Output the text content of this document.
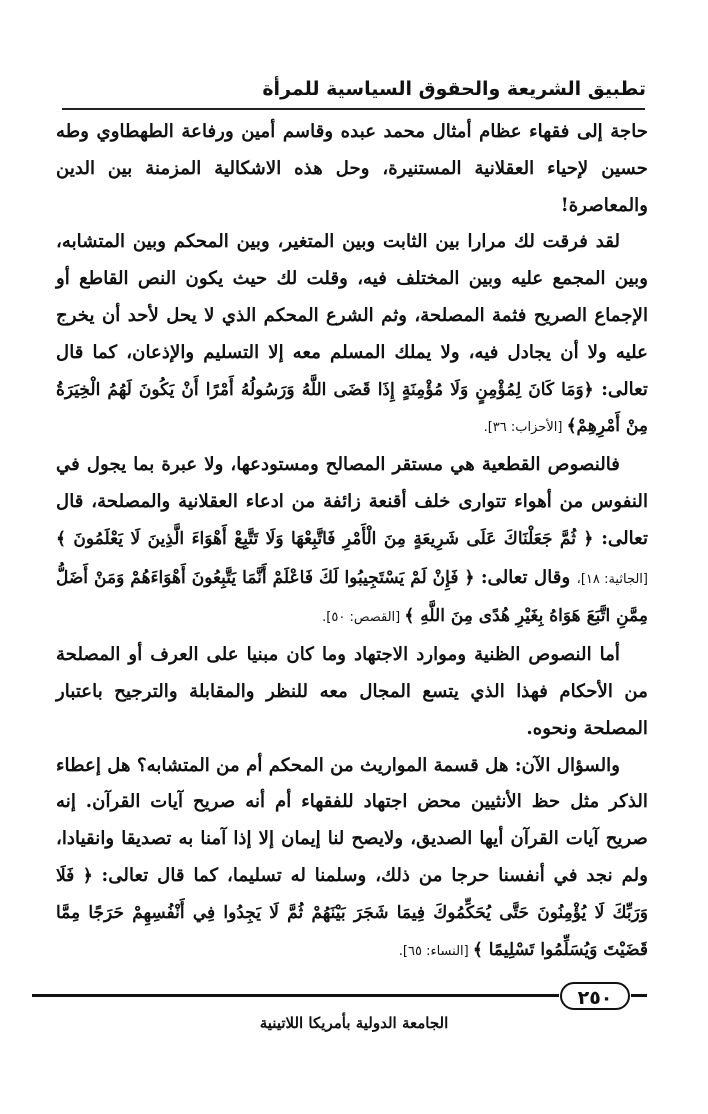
تطبيق الشريعة والحقوق السياسية للمرأة

حاجة إلى فقهاء عظام أمثال محمد عبده وقاسم أمين ورفاعة الطهطاوي وطه حسين لإحياء العقلانية المستنيرة، وحل هذه الاشكالية المزمنة بين الدين والمعاصرة!

لقد فرقت لك مرارا بين الثابت وبين المتغير، وبين المحكم وبين المتشابه، وبين المجمع عليه وبين المختلف فيه، وقلت لك حيث يكون النص القاطع أو الإجماع الصريح فثمة المصلحة، وثم الشرع المحكم الذي لا يحل لأحد أن يخرج عليه ولا أن يجادل فيه، ولا يملك المسلم معه إلا التسليم والإذعان، كما قال تعالى: ﴿وَمَا كَانَ لِمُؤْمِنٍ وَلَا مُؤْمِنَةٍ إِذَا قَضَى اللَّهُ وَرَسُولُهُ أَمْرًا أَنْ يَكُونَ لَهُمُ الْخِيَرَةُ مِنْ أَمْرِهِمْ﴾ [الأحزاب: ٣٦].

فالنصوص القطعية هي مستقر المصالح ومستودعها، ولا عبرة بما يجول في النفوس من أهواء تتوارى خلف أقنعة زائفة من ادعاء العقلانية والمصلحة، قال تعالى: ﴿ ثُمَّ جَعَلْنَاكَ عَلَى شَرِيعَةٍ مِنَ الْأَمْرِ فَاتَّبِعْهَا وَلَا تَتَّبِعْ أَهْوَاءَ الَّذِينَ لَا يَعْلَمُونَ ﴾ [الجاثية: ١٨]، وقال تعالى: ﴿ فَإِنْ لَمْ يَسْتَجِيبُوا لَكَ فَاعْلَمْ أَنَّمَا يَتَّبِعُونَ أَهْوَاءَهُمْ وَمَنْ أَضَلُّ مِمَّنِ اتَّبَعَ هَوَاهُ بِغَيْرِ هُدًى مِنَ اللَّهِ ﴾ [القصص: ٥٠].

أما النصوص الظنية وموارد الاجتهاد وما كان مبنيا على العرف أو المصلحة من الأحكام فهذا الذي يتسع المجال معه للنظر والمقابلة والترجيح باعتبار المصلحة ونحوه.

والسؤال الآن: هل قسمة المواريث من المحكم أم من المتشابه؟ هل إعطاء الذكر مثل حظ الأنثيين محض اجتهاد للفقهاء أم أنه صريح آيات القرآن. إنه صريح آيات القرآن أيها الصديق، ولايصح لنا إيمان إلا إذا آمنا به تصديقا وانقيادا، ولم نجد في أنفسنا حرجا من ذلك، وسلمنا له تسليما، كما قال تعالى: ﴿ فَلَا وَرَبِّكَ لَا يُؤْمِنُونَ حَتَّى يُحَكِّمُوكَ فِيمَا شَجَرَ بَيْنَهُمْ ثُمَّ لَا يَجِدُوا فِي أَنْفُسِهِمْ حَرَجًا مِمَّا قَضَيْتَ وَيُسَلِّمُوا تَسْلِيمًا ﴾ [النساء: ٦٥].

٢٥٠
الجامعة الدولية بأمريكا اللاتينية
